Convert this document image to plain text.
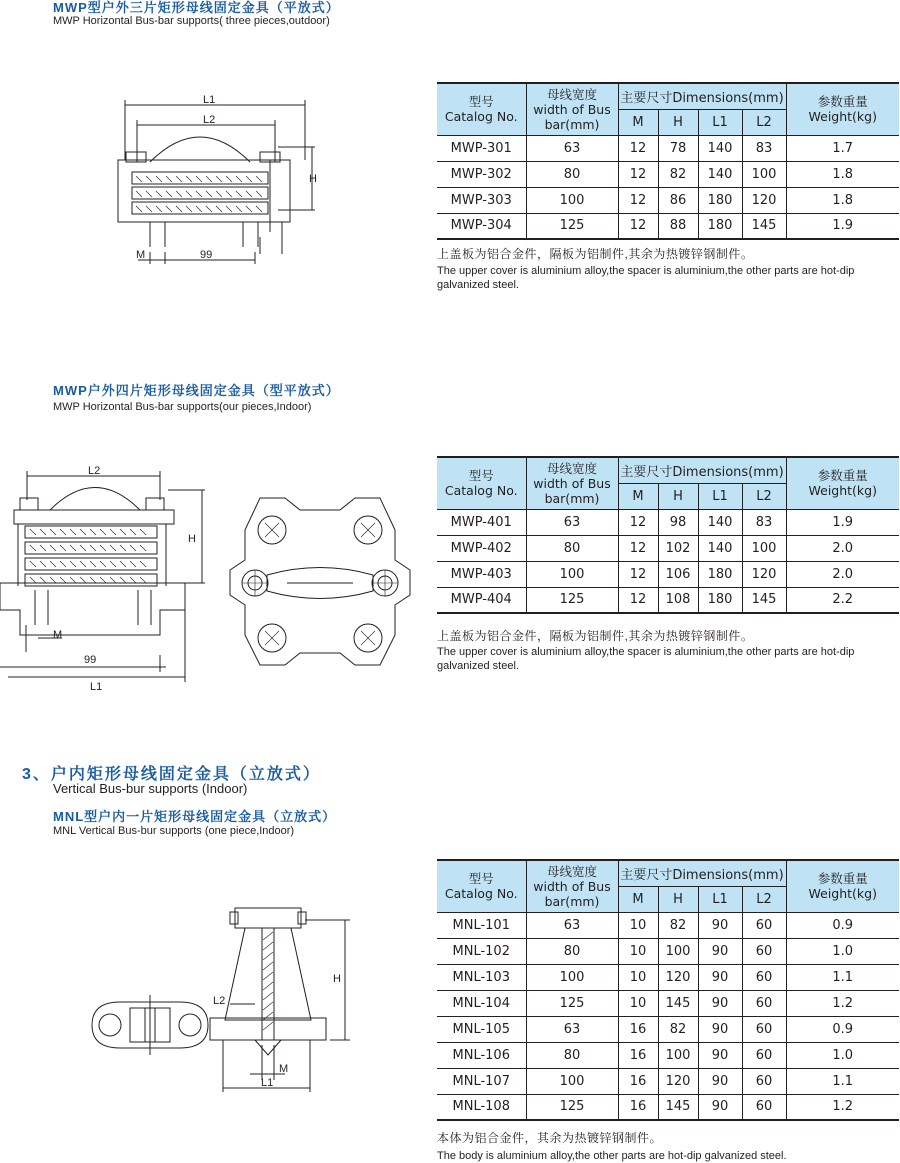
MWP型户外三片矩形母线固定金具（平放式）
MWP Horizontal Bus-bar supports( three pieces,outdoor)
L1
L2
H
M	99
型号
Catalog No.	母线宽度
width of Bus
bar(mm)	主要尺寸Dimensions(mm)				参数重量
Weight(kg)
		M	H	L1	L2	
MWP-301	63	12	78	140	83	1.7
MWP-302	80	12	82	140	100	1.8
MWP-303	100	12	86	180	120	1.8
MWP-304	125	12	88	180	145	1.9
上盖板为铝合金件，隔板为铝制件,其余为热镀锌钢制件。
The upper cover is aluminium alloy,the spacer is aluminium,the other parts are hot-dip galvanized steel.
MWP户外四片矩形母线固定金具（型平放式）
MWP Horizontal Bus-bar supports(our pieces,Indoor)
L2
H
M
99
L1
型号
Catalog No.	母线宽度
width of Bus
bar(mm)	主要尺寸Dimensions(mm)				参数重量
Weight(kg)
		M	H	L1	L2	
MWP-401	63	12	98	140	83	1.9
MWP-402	80	12	102	140	100	2.0
MWP-403	100	12	106	180	120	2.0
MWP-404	125	12	108	180	145	2.2
上盖板为铝合金件，隔板为铝制件,其余为热镀锌钢制件。
The upper cover is aluminium alloy,the spacer is aluminium,the other parts are hot-dip galvanized steel.
3、户内矩形母线固定金具（立放式）
Vertical Bus-bur supports (Indoor)
MNL型户内一片矩形母线固定金具（立放式）
MNL Vertical Bus-bur supports (one piece,Indoor)
L2
H
M
L1
型号
Catalog No.	母线宽度
width of Bus
bar(mm)	主要尺寸Dimensions(mm)				参数重量
Weight(kg)
		M	H	L1	L2	
MNL-101	63	10	82	90	60	0.9
MNL-102	80	10	100	90	60	1.0
MNL-103	100	10	120	90	60	1.1
MNL-104	125	10	145	90	60	1.2
MNL-105	63	16	82	90	60	0.9
MNL-106	80	16	100	90	60	1.0
MNL-107	100	16	120	90	60	1.1
MNL-108	125	16	145	90	60	1.2
本体为铝合金件，其余为热镀锌钢制件。
The body is aluminium alloy,the other parts are hot-dip galvanized steel.
